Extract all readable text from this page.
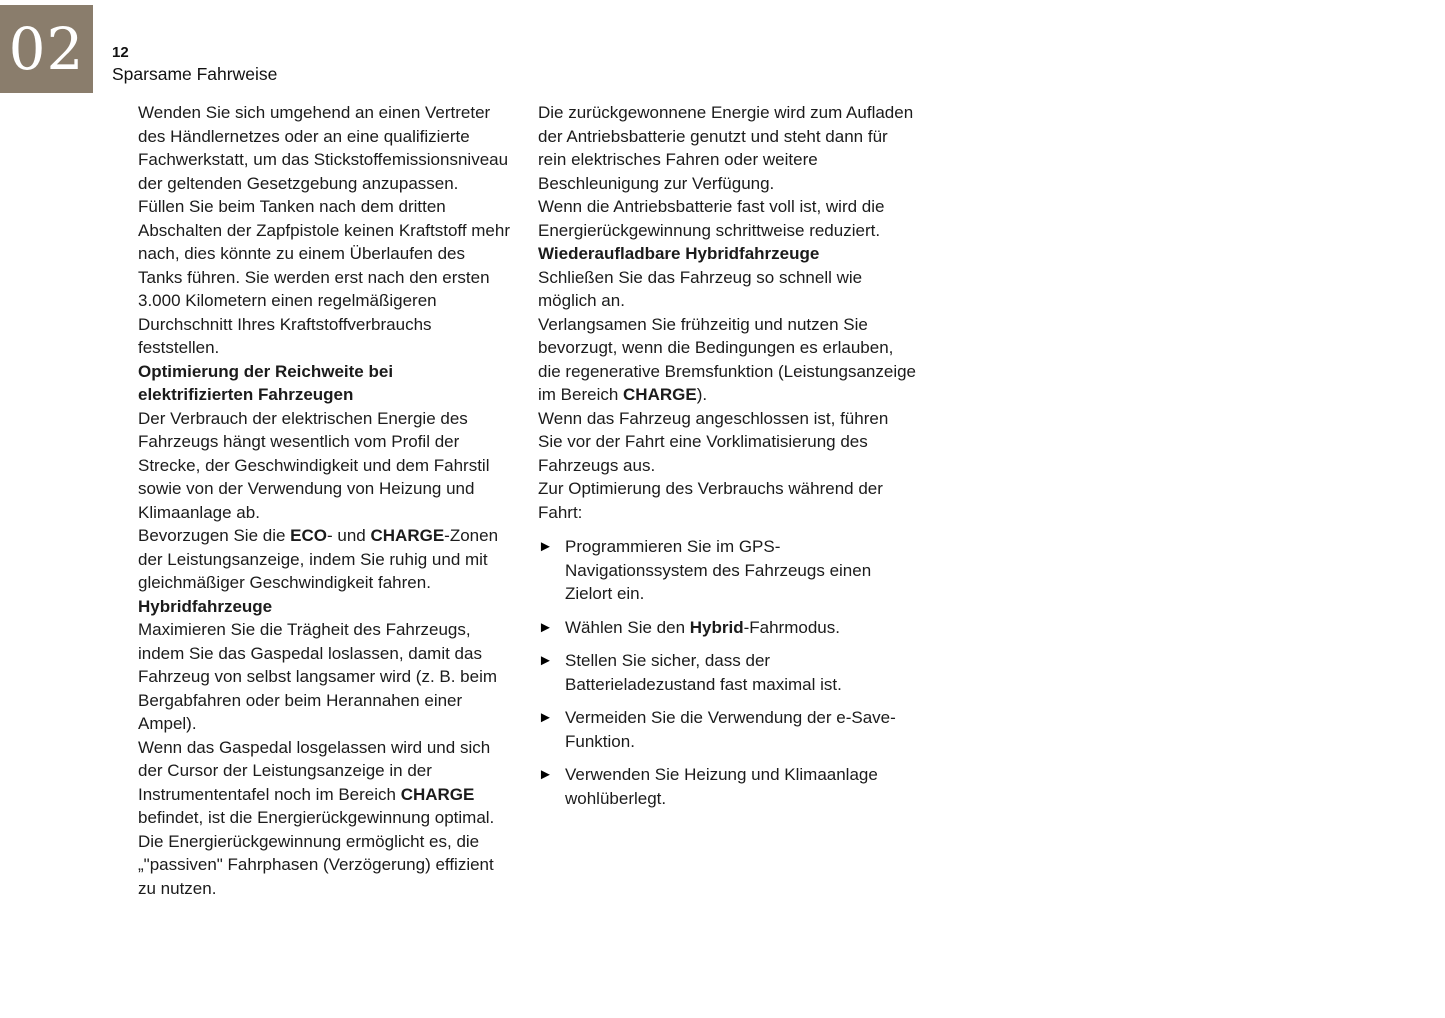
02 12
Sparsame Fahrweise

Wenden Sie sich umgehend an einen Vertreter des Händlernetzes oder an eine qualifizierte Fachwerkstatt, um das Stickstoffemissionsniveau der geltenden Gesetzgebung anzupassen.

Füllen Sie beim Tanken nach dem dritten Abschalten der Zapfpistole keinen Kraftstoff mehr nach, dies könnte zu einem Überlaufen des Tanks führen. Sie werden erst nach den ersten 3.000 Kilometern einen regelmäßigeren Durchschnitt Ihres Kraftstoffverbrauchs feststellen.

Optimierung der Reichweite bei elektrifizierten Fahrzeugen

Der Verbrauch der elektrischen Energie des Fahrzeugs hängt wesentlich vom Profil der Strecke, der Geschwindigkeit und dem Fahrstil sowie von der Verwendung von Heizung und Klimaanlage ab.

Bevorzugen Sie die ECO- und CHARGE-Zonen der Leistungsanzeige, indem Sie ruhig und mit gleichmäßiger Geschwindigkeit fahren.

Hybridfahrzeuge

Maximieren Sie die Trägheit des Fahrzeugs, indem Sie das Gaspedal loslassen, damit das Fahrzeug von selbst langsamer wird (z. B. beim Bergabfahren oder beim Herannahen einer Ampel).

Wenn das Gaspedal losgelassen wird und sich der Cursor der Leistungsanzeige in der Instrumententafel noch im Bereich CHARGE befindet, ist die Energierückgewinnung optimal.

Die Energierückgewinnung ermöglicht es, die „"passiven" Fahrphasen (Verzögerung) effizient zu nutzen.

Die zurückgewonnene Energie wird zum Aufladen der Antriebsbatterie genutzt und steht dann für rein elektrisches Fahren oder weitere Beschleunigung zur Verfügung.

Wenn die Antriebsbatterie fast voll ist, wird die Energierückgewinnung schrittweise reduziert.

Wiederaufladbare Hybridfahrzeuge

Schließen Sie das Fahrzeug so schnell wie möglich an.

Verlangsamen Sie frühzeitig und nutzen Sie bevorzugt, wenn die Bedingungen es erlauben, die regenerative Bremsfunktion (Leistungsanzeige im Bereich CHARGE).

Wenn das Fahrzeug angeschlossen ist, führen Sie vor der Fahrt eine Vorklimatisierung des Fahrzeugs aus.

Zur Optimierung des Verbrauchs während der Fahrt:

► Programmieren Sie im GPS-Navigationssystem des Fahrzeugs einen Zielort ein.
► Wählen Sie den Hybrid-Fahrmodus.
► Stellen Sie sicher, dass der Batterieladezustand fast maximal ist.
► Vermeiden Sie die Verwendung der e-Save-Funktion.
► Verwenden Sie Heizung und Klimaanlage wohlüberlegt.
